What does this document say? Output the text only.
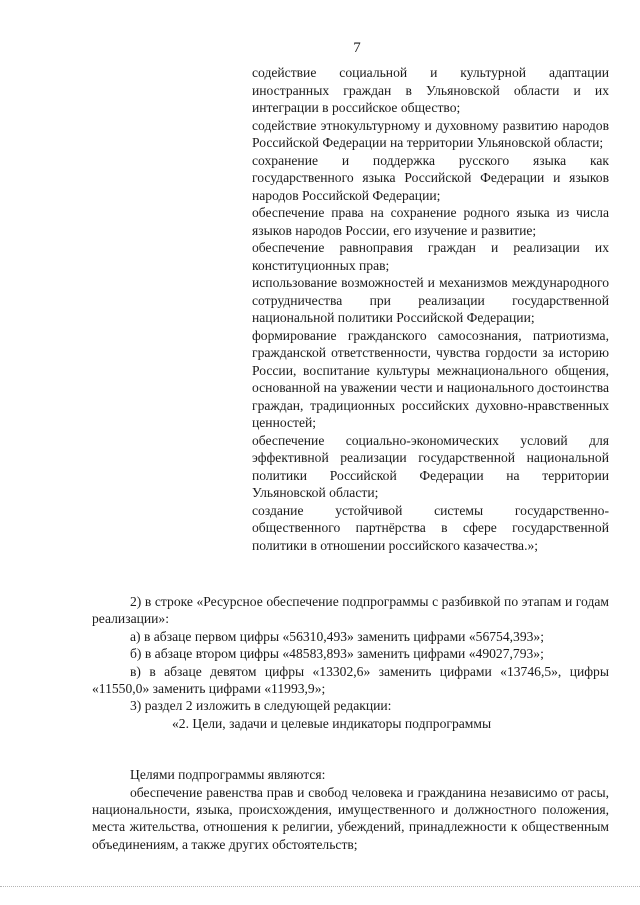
7

содействие социальной и культурной адаптации иностранных граждан в Ульяновской области и их интеграции в российское общество;

содействие этнокультурному и духовному развитию народов Российской Федерации на территории Ульяновской области;

сохранение и поддержка русского языка как государственного языка Российской Федерации и языков народов Российской Федерации;

обеспечение права на сохранение родного языка из числа языков народов России, его изучение и развитие;

обеспечение равноправия граждан и реализации их конституционных прав;

использование возможностей и механизмов международного сотрудничества при реализации государственной национальной политики Российской Федерации;

формирование гражданского самосознания, патриотизма, гражданской ответственности, чувства гордости за историю России, воспитание культуры межнационального общения, основанной на уважении чести и национального достоинства граждан, традиционных российских духовно-нравственных ценностей;

обеспечение социально-экономических условий для эффективной реализации государственной национальной политики Российской Федерации на территории Ульяновской области;

создание устойчивой системы государственно-общественного партнёрства в сфере государственной политики в отношении российского казачества.»;

2) в строке «Ресурсное обеспечение подпрограммы с разбивкой по этапам и годам реализации»:

а) в абзаце первом цифры «56310,493» заменить цифрами «56754,393»;

б) в абзаце втором цифры «48583,893» заменить цифрами «49027,793»;

в) в абзаце девятом цифры «13302,6» заменить цифрами «13746,5», цифры «11550,0» заменить цифрами «11993,9»;

3) раздел 2 изложить в следующей редакции:

«2. Цели, задачи и целевые индикаторы подпрограммы

Целями подпрограммы являются:

обеспечение равенства прав и свобод человека и гражданина независимо от расы, национальности, языка, происхождения, имущественного и должностного положения, места жительства, отношения к религии, убеждений, принадлежности к общественным объединениям, а также других обстоятельств;
